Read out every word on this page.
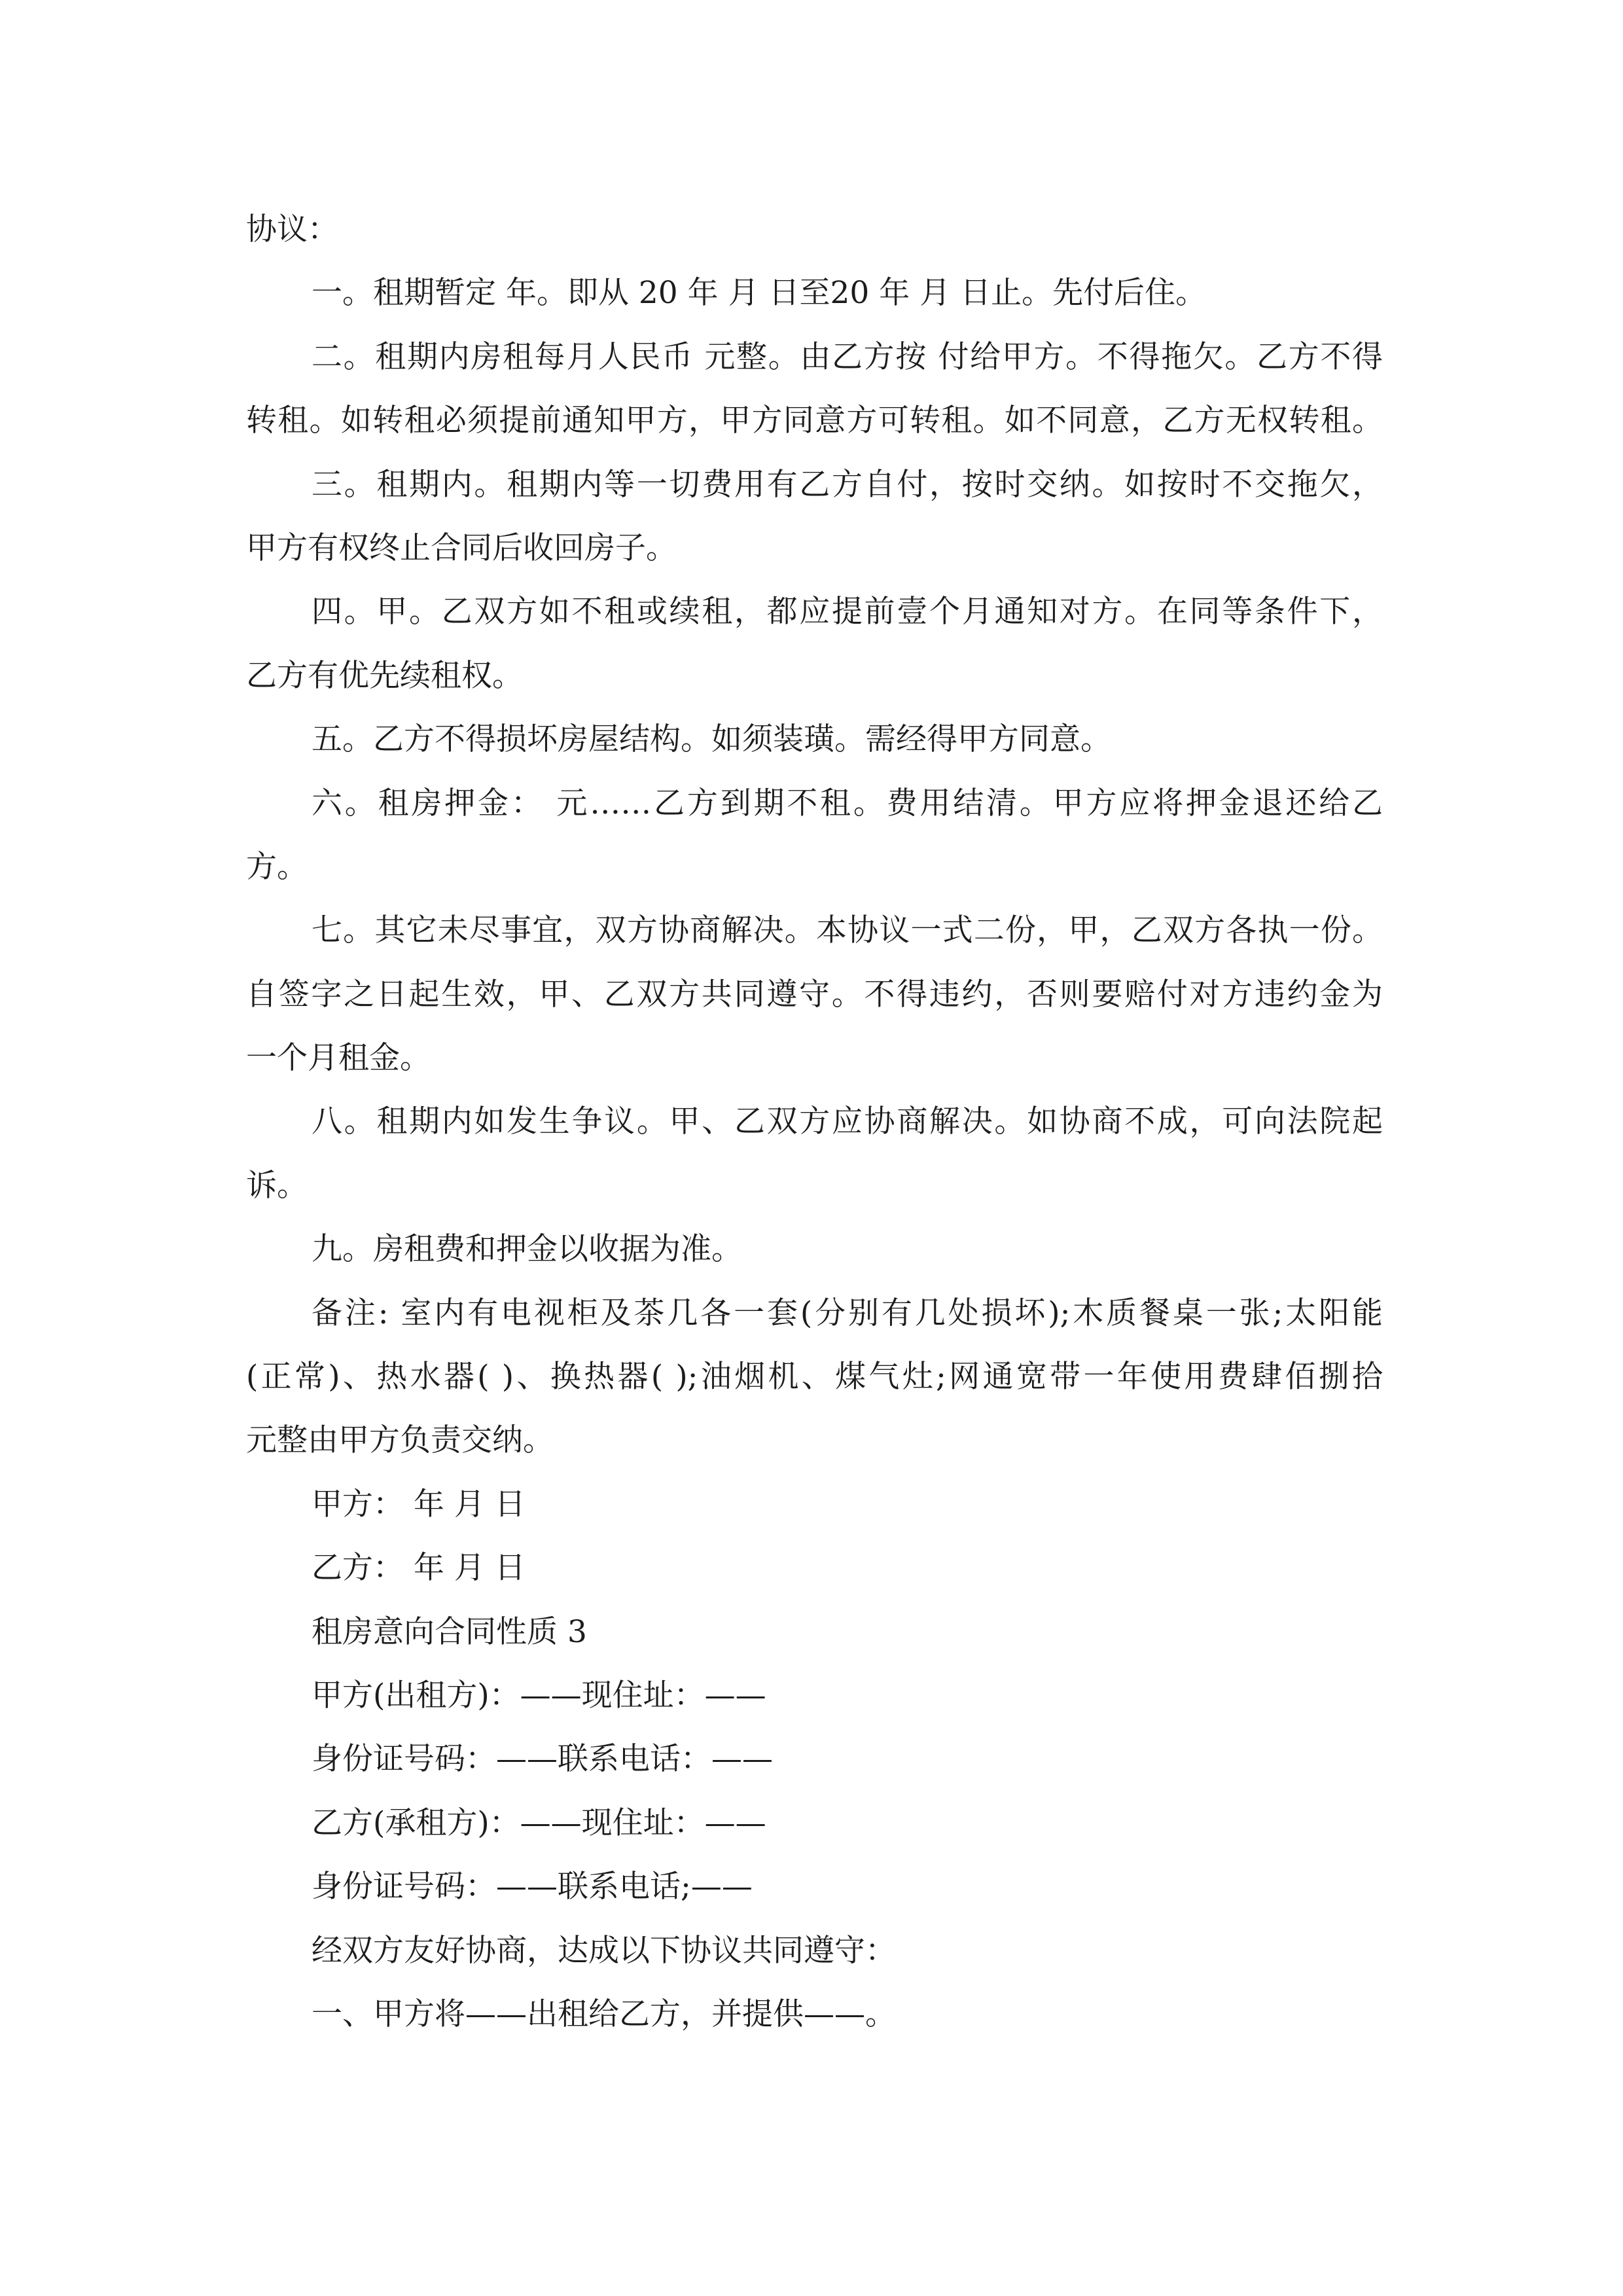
协议：
一。租期暂定 年。即从 20 年 月 日至20 年 月 日止。先付后住。
二。租期内房租每月人民币 元整。由乙方按 付给甲方。不得拖欠。乙方不得
转租。如转租必须提前通知甲方，甲方同意方可转租。如不同意，乙方无权转租。
三。租期内。租期内等一切费用有乙方自付，按时交纳。如按时不交拖欠，
甲方有权终止合同后收回房子。
四。甲。乙双方如不租或续租，都应提前壹个月通知对方。在同等条件下，
乙方有优先续租权。
五。乙方不得损坏房屋结构。如须装璜。需经得甲方同意。
六。租房押金： 元……乙方到期不租。费用结清。甲方应将押金退还给乙
方。
七。其它未尽事宜，双方协商解决。本协议一式二份，甲，乙双方各执一份。
自签字之日起生效，甲、乙双方共同遵守。不得违约，否则要赔付对方违约金为
一个月租金。
八。租期内如发生争议。甲、乙双方应协商解决。如协商不成，可向法院起
诉。
九。房租费和押金以收据为准。
备注: 室内有电视柜及茶几各一套(分别有几处损坏);木质餐桌一张;太阳能
(正常)、热水器( )、换热器( );油烟机、煤气灶;网通宽带一年使用费肆佰捌拾
元整由甲方负责交纳。
甲方： 年 月 日
乙方： 年 月 日
租房意向合同性质 3
甲方(出租方)：——现住址：——
身份证号码：——联系电话：——
乙方(承租方)：——现住址：——
身份证号码：——联系电话;——
经双方友好协商，达成以下协议共同遵守：
一、甲方将——出租给乙方，并提供——。
